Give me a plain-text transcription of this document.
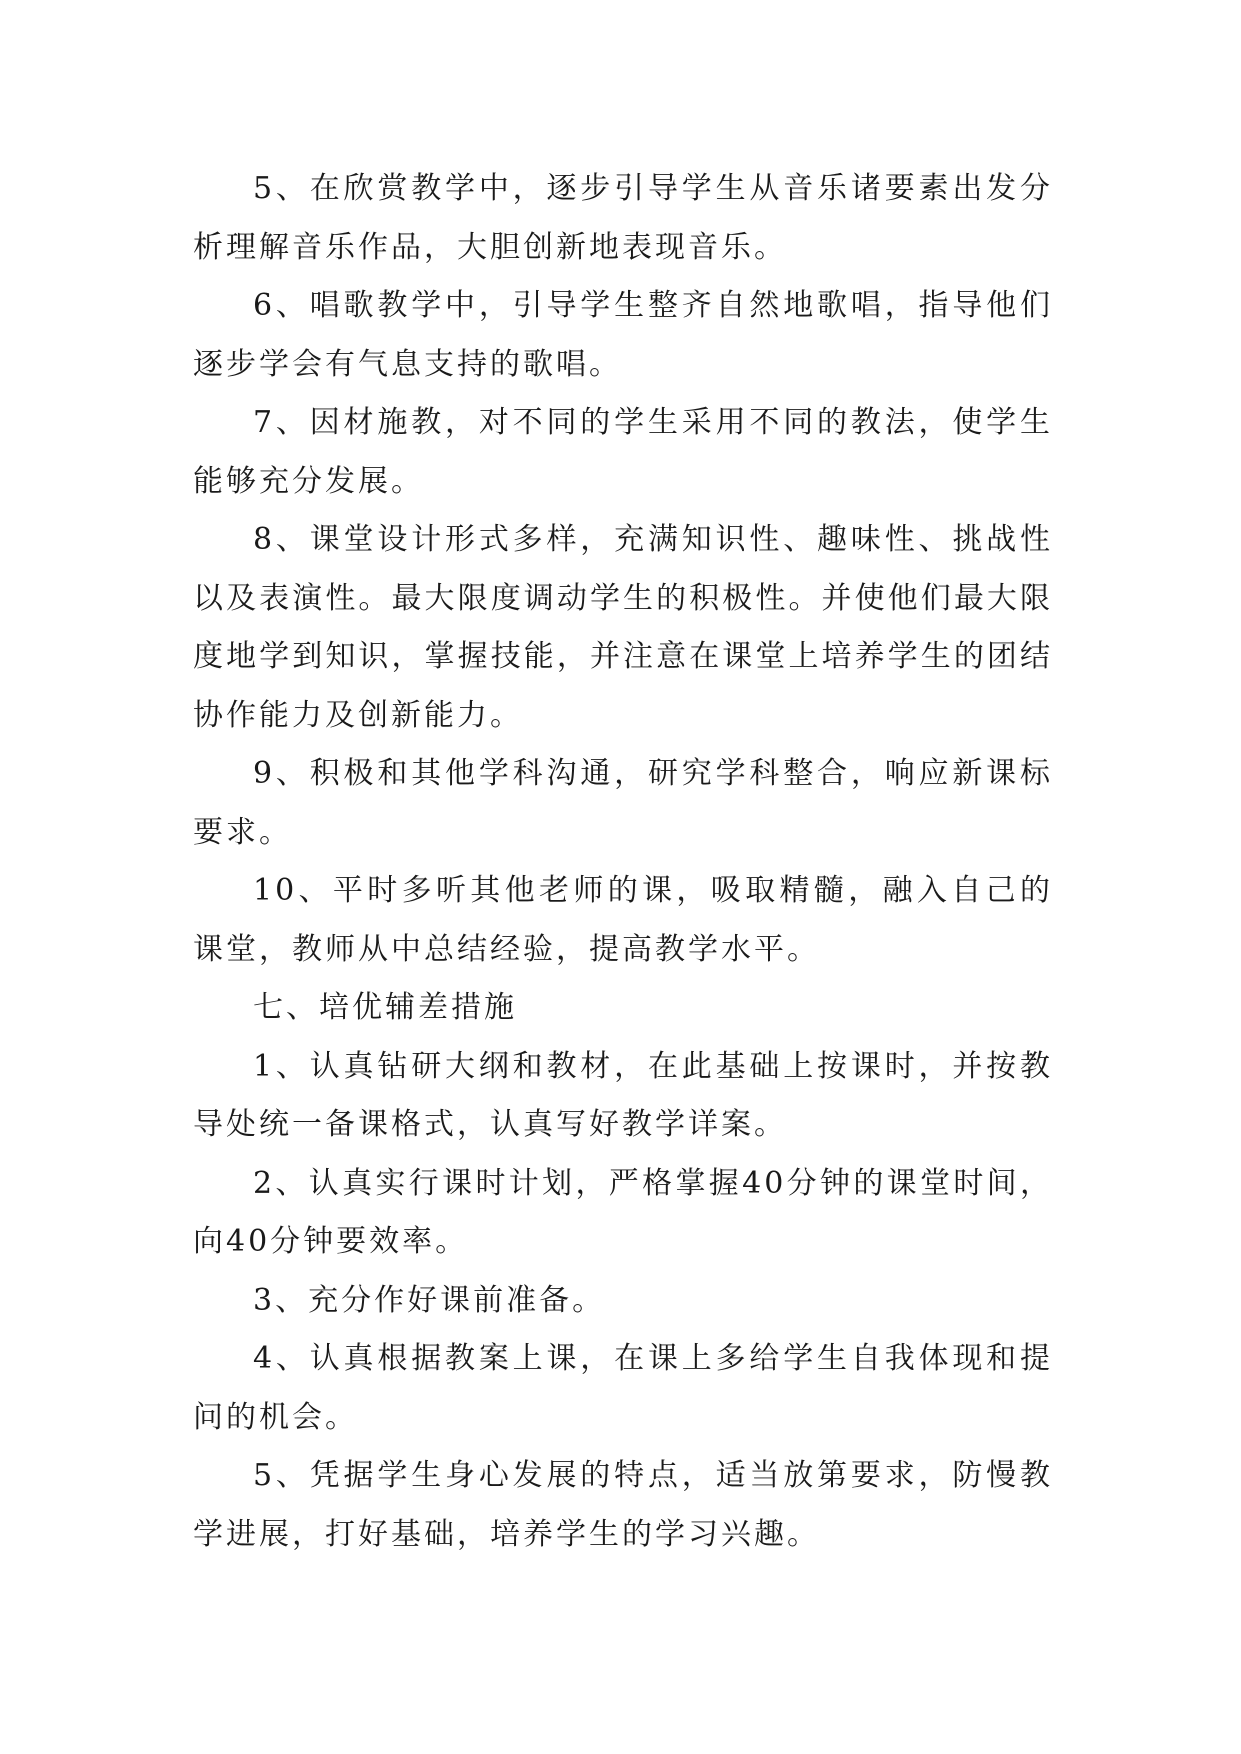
5、在欣赏教学中，逐步引导学生从音乐诸要素出发分析理解音乐作品，大胆创新地表现音乐。

6、唱歌教学中，引导学生整齐自然地歌唱，指导他们逐步学会有气息支持的歌唱。

7、因材施教，对不同的学生采用不同的教法，使学生能够充分发展。

8、课堂设计形式多样，充满知识性、趣味性、挑战性以及表演性。最大限度调动学生的积极性。并使他们最大限度地学到知识，掌握技能，并注意在课堂上培养学生的团结协作能力及创新能力。

9、积极和其他学科沟通，研究学科整合，响应新课标要求。

10、平时多听其他老师的课，吸取精髓，融入自己的课堂，教师从中总结经验，提高教学水平。

七、培优辅差措施

1、认真钻研大纲和教材，在此基础上按课时，并按教导处统一备课格式，认真写好教学详案。

2、认真实行课时计划，严格掌握40分钟的课堂时间，向40分钟要效率。

3、充分作好课前准备。

4、认真根据教案上课，在课上多给学生自我体现和提问的机会。

5、凭据学生身心发展的特点，适当放第要求，防慢教学进展，打好基础，培养学生的学习兴趣。
